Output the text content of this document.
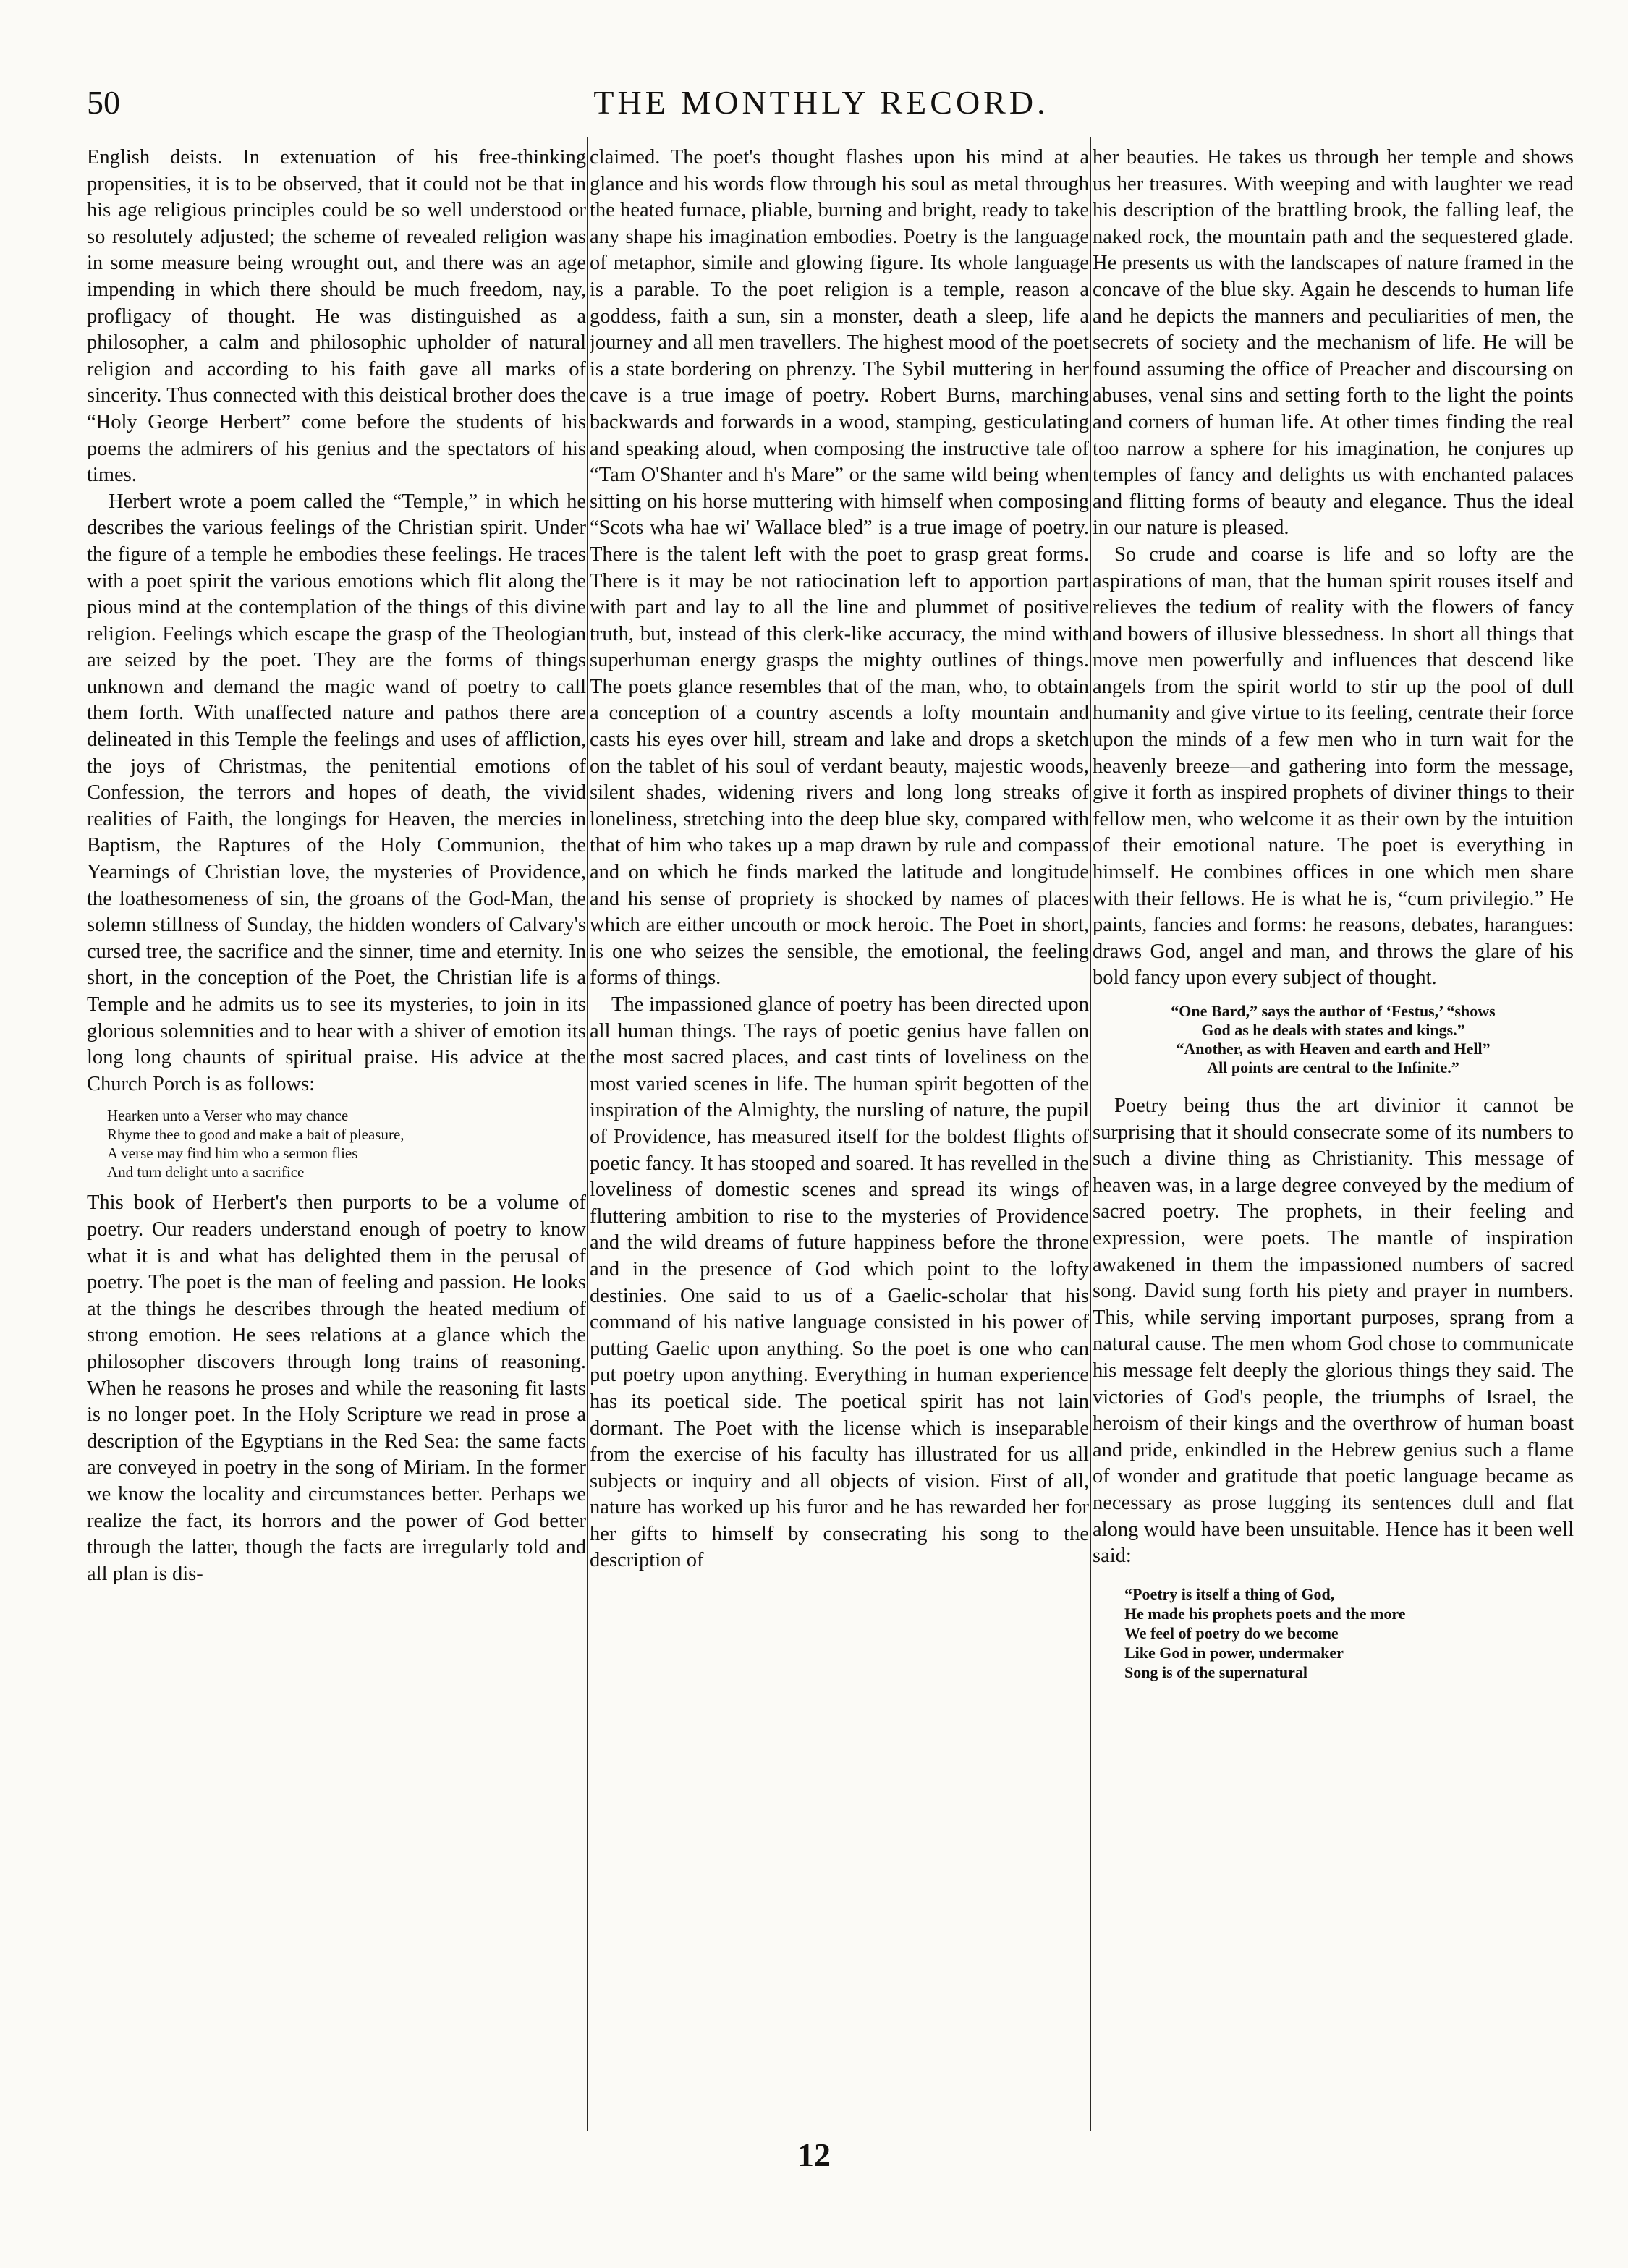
50	THE MONTHLY RECORD.

English deists. In extenuation of his free-thinking propensities, it is to be observed, that it could not be that in his age religious principles could be so well understood or so resolutely adjusted; the scheme of revealed religion was in some measure being wrought out, and there was an age impending in which there should be much freedom, nay, profligacy of thought. He was distinguished as a philosopher, a calm and philosophic upholder of natural religion and according to his faith gave all marks of sincerity. Thus connected with this deistical brother does the “Holy George Herbert” come before the students of his poems the admirers of his genius and the spectators of his times.

Herbert wrote a poem called the “Temple,” in which he describes the various feelings of the Christian spirit. Under the figure of a temple he embodies these feelings. He traces with a poet spirit the various emotions which flit along the pious mind at the contemplation of the things of this divine religion. Feelings which escape the grasp of the Theologian are seized by the poet. They are the forms of things unknown and demand the magic wand of poetry to call them forth. With unaffected nature and pathos there are delineated in this Temple the feelings and uses of affliction, the joys of Christmas, the penitential emotions of Confession, the terrors and hopes of death, the vivid realities of Faith, the longings for Heaven, the mercies in Baptism, the Raptures of the Holy Communion, the Yearnings of Christian love, the mysteries of Providence, the loathesomeness of sin, the groans of the God-Man, the solemn stillness of Sunday, the hidden wonders of Calvary's cursed tree, the sacrifice and the sinner, time and eternity. In short, in the conception of the Poet, the Christian life is a Temple and he admits us to see its mysteries, to join in its glorious solemnities and to hear with a shiver of emotion its long long chaunts of spiritual praise. His advice at the Church Porch is as follows:

Hearken unto a Verser who may chance
Rhyme thee to good and make a bait of pleasure,
A verse may find him who a sermon flies
And turn delight unto a sacrifice

This book of Herbert's then purports to be a volume of poetry. Our readers understand enough of poetry to know what it is and what has delighted them in the perusal of poetry. The poet is the man of feeling and passion. He looks at the things he describes through the heated medium of strong emotion. He sees relations at a glance which the philosopher discovers through long trains of reasoning. When he reasons he proses and while the reasoning fit lasts is no longer poet. In the Holy Scripture we read in prose a description of the Egyptians in the Red Sea: the same facts are conveyed in poetry in the song of Miriam. In the former we know the locality and circumstances better. Perhaps we realize the fact, its horrors and the power of God better through the latter, though the facts are irregularly told and all plan is dis-

claimed. The poet's thought flashes upon his mind at a glance and his words flow through his soul as metal through the heated furnace, pliable, burning and bright, ready to take any shape his imagination embodies. Poetry is the language of metaphor, simile and glowing figure. Its whole language is a parable. To the poet religion is a temple, reason a goddess, faith a sun, sin a monster, death a sleep, life a journey and all men travellers. The highest mood of the poet is a state bordering on phrenzy. The Sybil muttering in her cave is a true image of poetry. Robert Burns, marching backwards and forwards in a wood, stamping, gesticulating and speaking aloud, when composing the instructive tale of “Tam O'Shanter and h's Mare” or the same wild being when sitting on his horse muttering with himself when composing “Scots wha hae wi' Wallace bled” is a true image of poetry. There is the talent left with the poet to grasp great forms. There is it may be not ratiocination left to apportion part with part and lay to all the line and plummet of positive truth, but, instead of this clerk-like accuracy, the mind with superhuman energy grasps the mighty outlines of things. The poets glance resembles that of the man, who, to obtain a conception of a country ascends a lofty mountain and casts his eyes over hill, stream and lake and drops a sketch on the tablet of his soul of verdant beauty, majestic woods, silent shades, widening rivers and long long streaks of loneliness, stretching into the deep blue sky, compared with that of him who takes up a map drawn by rule and compass and on which he finds marked the latitude and longitude and his sense of propriety is shocked by names of places which are either uncouth or mock heroic. The Poet in short, is one who seizes the sensible, the emotional, the feeling forms of things.

The impassioned glance of poetry has been directed upon all human things. The rays of poetic genius have fallen on the most sacred places, and cast tints of loveliness on the most varied scenes in life. The human spirit begotten of the inspiration of the Almighty, the nursling of nature, the pupil of Providence, has measured itself for the boldest flights of poetic fancy. It has stooped and soared. It has revelled in the loveliness of domestic scenes and spread its wings of fluttering ambition to rise to the mysteries of Providence and the wild dreams of future happiness before the throne and in the presence of God which point to the lofty destinies. One said to us of a Gaelic-scholar that his command of his native language consisted in his power of putting Gaelic upon anything. So the poet is one who can put poetry upon anything. Everything in human experience has its poetical side. The poetical spirit has not lain dormant. The Poet with the license which is inseparable from the exercise of his faculty has illustrated for us all subjects or inquiry and all objects of vision. First of all, nature has worked up his furor and he has rewarded her for her gifts to himself by consecrating his song to the description of

her beauties. He takes us through her temple and shows us her treasures. With weeping and with laughter we read his description of the brattling brook, the falling leaf, the naked rock, the mountain path and the sequestered glade. He presents us with the landscapes of nature framed in the concave of the blue sky. Again he descends to human life and he depicts the manners and peculiarities of men, the secrets of society and the mechanism of life. He will be found assuming the office of Preacher and discoursing on abuses, venal sins and setting forth to the light the points and corners of human life. At other times finding the real too narrow a sphere for his imagination, he conjures up temples of fancy and delights us with enchanted palaces and flitting forms of beauty and elegance. Thus the ideal in our nature is pleased.

So crude and coarse is life and so lofty are the aspirations of man, that the human spirit rouses itself and relieves the tedium of reality with the flowers of fancy and bowers of illusive blessedness. In short all things that move men powerfully and influences that descend like angels from the spirit world to stir up the pool of dull humanity and give virtue to its feeling, centrate their force upon the minds of a few men who in turn wait for the heavenly breeze—and gathering into form the message, give it forth as inspired prophets of diviner things to their fellow men, who welcome it as their own by the intuition of their emotional nature. The poet is everything in himself. He combines offices in one which men share with their fellows. He is what he is, “cum privilegio.” He paints, fancies and forms: he reasons, debates, harangues: draws God, angel and man, and throws the glare of his bold fancy upon every subject of thought.

“One Bard,” says the author of ‘Festus,’ “shows
God as he deals with states and kings.”
“Another, as with Heaven and earth and Hell”
All points are central to the Infinite.”

Poetry being thus the art divinior it cannot be surprising that it should consecrate some of its numbers to such a divine thing as Christianity. This message of heaven was, in a large degree conveyed by the medium of sacred poetry. The prophets, in their feeling and expression, were poets. The mantle of inspiration awakened in them the impassioned numbers of sacred song. David sung forth his piety and prayer in numbers. This, while serving important purposes, sprang from a natural cause. The men whom God chose to communicate his message felt deeply the glorious things they said. The victories of God's people, the triumphs of Israel, the heroism of their kings and the overthrow of human boast and pride, enkindled in the Hebrew genius such a flame of wonder and gratitude that poetic language became as necessary as prose lugging its sentences dull and flat along would have been unsuitable. Hence has it been well said:

“Poetry is itself a thing of God,
He made his prophets poets and the more
We feel of poetry do we become
Like God in power, undermaker
Song is of the supernatural
12
